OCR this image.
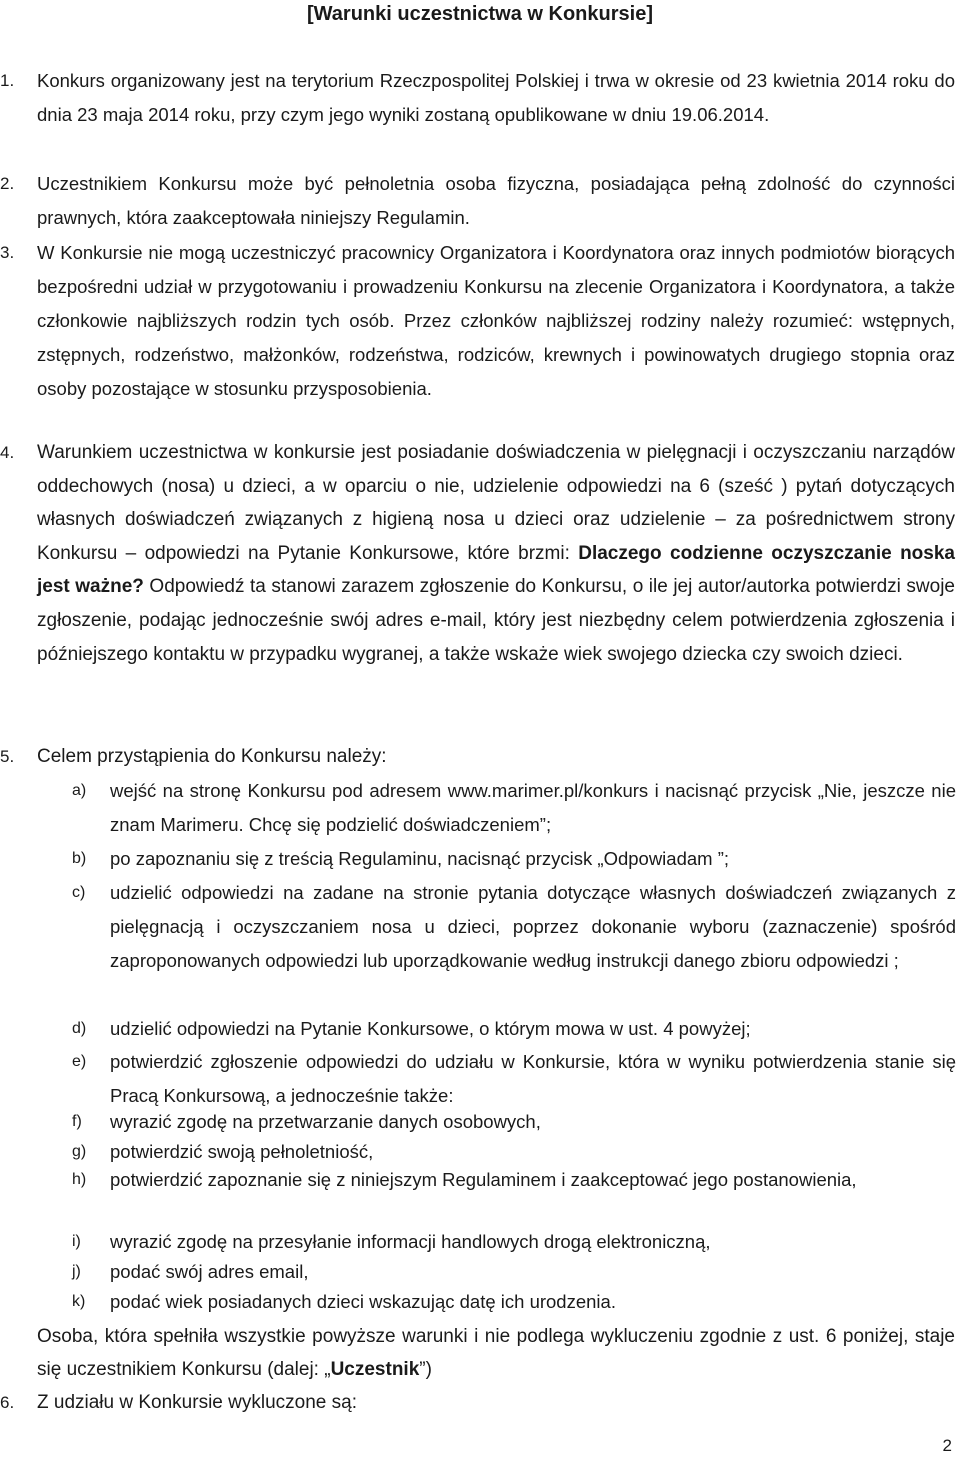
[Warunki uczestnictwa w Konkursie]
1.	Konkurs organizowany jest na terytorium Rzeczpospolitej Polskiej i trwa w okresie od 23 kwietnia 2014 roku do dnia 23 maja 2014 roku, przy czym jego wyniki zostaną opublikowane w dniu 19.06.2014.
2.	Uczestnikiem Konkursu może być pełnoletnia osoba fizyczna, posiadająca pełną zdolność do czynności prawnych, która zaakceptowała niniejszy Regulamin.
3.	W Konkursie nie mogą uczestniczyć pracownicy Organizatora i Koordynatora oraz innych podmiotów biorących bezpośredni udział w przygotowaniu i prowadzeniu Konkursu na zlecenie Organizatora i Koordynatora, a także członkowie najbliższych rodzin tych osób. Przez członków najbliższej rodziny należy rozumieć: wstępnych, zstępnych, rodzeństwo, małżonków, rodzeństwa, rodziców, krewnych i powinowatych drugiego stopnia oraz osoby pozostające w stosunku przysposobienia.
4.	Warunkiem uczestnictwa w konkursie jest posiadanie doświadczenia w pielęgnacji i oczyszczaniu narządów oddechowych (nosa) u dzieci, a w oparciu o nie, udzielenie odpowiedzi na 6 (sześć ) pytań dotyczących własnych doświadczeń związanych z higieną nosa u dzieci oraz udzielenie – za pośrednictwem strony Konkursu – odpowiedzi na Pytanie Konkursowe, które brzmi: Dlaczego codzienne oczyszczanie noska jest ważne? Odpowiedź ta stanowi zarazem zgłoszenie do Konkursu, o ile jej autor/autorka potwierdzi swoje zgłoszenie, podając jednocześnie swój adres e-mail, który jest niezbędny celem potwierdzenia zgłoszenia i późniejszego kontaktu w przypadku wygranej, a także wskaże wiek swojego dziecka czy swoich dzieci.
5.	Celem przystąpienia do Konkursu należy:
a)	wejść na stronę Konkursu pod adresem www.marimer.pl/konkurs i nacisnąć przycisk „Nie, jeszcze nie znam Marimeru. Chcę się podzielić doświadczeniem”;
b)	po zapoznaniu się z treścią Regulaminu, nacisnąć przycisk „Odpowiadam ”;
c)	udzielić odpowiedzi na zadane na stronie pytania dotyczące własnych doświadczeń związanych z pielęgnacją i oczyszczaniem nosa u dzieci, poprzez dokonanie wyboru (zaznaczenie) spośród zaproponowanych odpowiedzi lub uporządkowanie według instrukcji danego zbioru odpowiedzi ;
d)	udzielić odpowiedzi na Pytanie Konkursowe, o którym mowa w ust. 4 powyżej;
e)	potwierdzić zgłoszenie odpowiedzi do udziału w Konkursie, która w wyniku potwierdzenia stanie się Pracą Konkursową, a jednocześnie także:
f)	wyrazić zgodę na przetwarzanie danych osobowych,
g)	potwierdzić swoją pełnoletniość,
h)	potwierdzić zapoznanie się z niniejszym Regulaminem i zaakceptować jego postanowienia,
i)	wyrazić zgodę na przesyłanie informacji handlowych drogą elektroniczną,
j)	podać swój adres email,
k)	podać wiek posiadanych dzieci wskazując datę ich urodzenia.
Osoba, która spełniła wszystkie powyższe warunki i nie podlega wykluczeniu zgodnie z ust. 6 poniżej, staje się uczestnikiem Konkursu (dalej: „Uczestnik”)
6.	Z udziału w Konkursie wykluczone są:
2
